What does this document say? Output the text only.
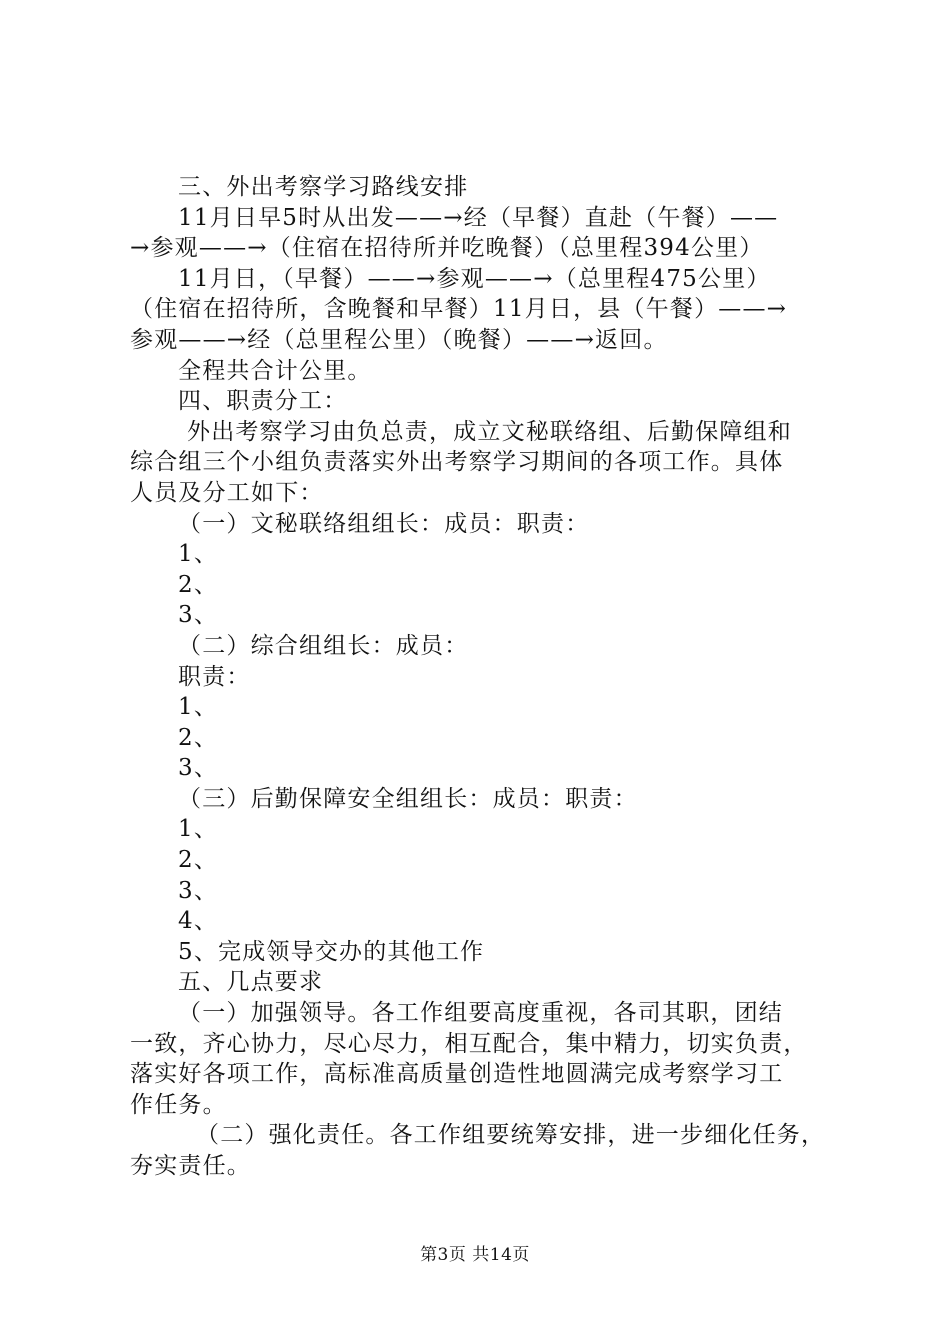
三、外出考察学习路线安排
11月日早5时从出发——→经（早餐）直赴（午餐）——
→参观——→（住宿在招待所并吃晚餐）（总里程394公里）
11月日，（早餐）——→参观——→（总里程475公里）
（住宿在招待所，含晚餐和早餐）11月日，县（午餐）——→
参观——→经（总里程公里）（晚餐）——→返回。
全程共合计公里。
四、职责分工：
外出考察学习由负总责，成立文秘联络组、后勤保障组和
综合组三个小组负责落实外出考察学习期间的各项工作。具体
人员及分工如下：
（一）文秘联络组组长：成员：职责：
1、
2、
3、
（二）综合组组长：成员：
职责：
1、
2、
3、
（三）后勤保障安全组组长：成员：职责：
1、
2、
3、
4、
5、完成领导交办的其他工作
五、几点要求
（一）加强领导。各工作组要高度重视，各司其职，团结
一致，齐心协力，尽心尽力，相互配合，集中精力，切实负责，
落实好各项工作，高标准高质量创造性地圆满完成考察学习工
作任务。
（二）强化责任。各工作组要统筹安排，进一步细化任务，
夯实责任。
第3页 共14页
